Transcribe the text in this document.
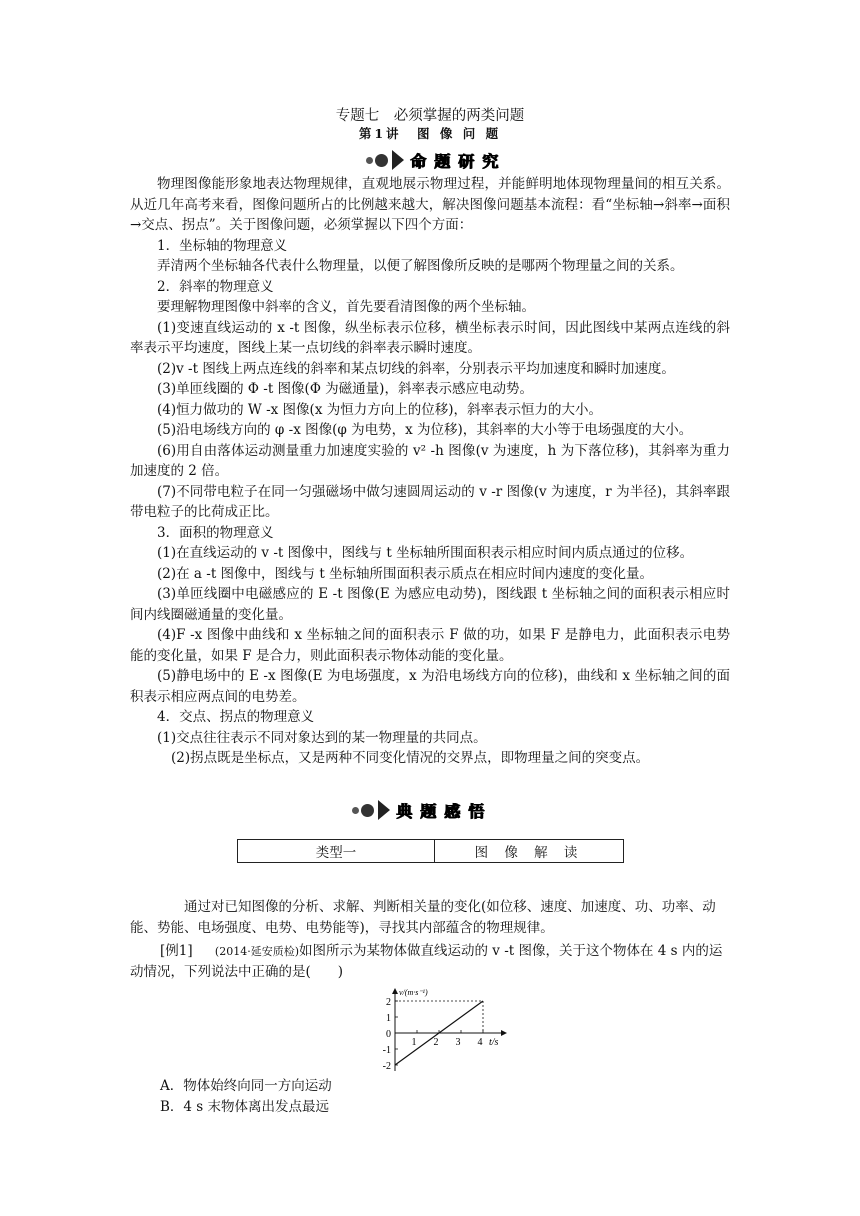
专题七　必须掌握的两类问题
第1讲　图 像 问 题
命题研究

物理图像能形象地表达物理规律，直观地展示物理过程，并能鲜明地体现物理量间的相互关系。从近几年高考来看，图像问题所占的比例越来越大，解决图像问题基本流程：看“坐标轴→斜率→面积→交点、拐点”。关于图像问题，必须掌握以下四个方面：

1．坐标轴的物理意义

弄清两个坐标轴各代表什么物理量，以便了解图像所反映的是哪两个物理量之间的关系。

2．斜率的物理意义

要理解物理图像中斜率的含义，首先要看清图像的两个坐标轴。

(1)变速直线运动的 x -t 图像，纵坐标表示位移，横坐标表示时间，因此图线中某两点连线的斜率表示平均速度，图线上某一点切线的斜率表示瞬时速度。

(2)v -t 图线上两点连线的斜率和某点切线的斜率，分别表示平均加速度和瞬时加速度。

(3)单匝线圈的 Φ -t 图像(Φ 为磁通量)，斜率表示感应电动势。

(4)恒力做功的 W -x 图像(x 为恒力方向上的位移)，斜率表示恒力的大小。

(5)沿电场线方向的 φ -x 图像(φ 为电势，x 为位移)，其斜率的大小等于电场强度的大小。

(6)用自由落体运动测量重力加速度实验的 v² -h 图像(v 为速度，h 为下落位移)，其斜率为重力加速度的 2 倍。

(7)不同带电粒子在同一匀强磁场中做匀速圆周运动的 v -r 图像(v 为速度，r 为半径)，其斜率跟带电粒子的比荷成正比。

3．面积的物理意义

(1)在直线运动的 v -t 图像中，图线与 t 坐标轴所围面积表示相应时间内质点通过的位移。

(2)在 a -t 图像中，图线与 t 坐标轴所围面积表示质点在相应时间内速度的变化量。

(3)单匝线圈中电磁感应的 E -t 图像(E 为感应电动势)，图线跟 t 坐标轴之间的面积表示相应时间内线圈磁通量的变化量。

(4)F -x 图像中曲线和 x 坐标轴之间的面积表示 F 做的功，如果 F 是静电力，此面积表示电势能的变化量，如果 F 是合力，则此面积表示物体动能的变化量。

(5)静电场中的 E -x 图像(E 为电场强度，x 为沿电场线方向的位移)，曲线和 x 坐标轴之间的面积表示相应两点间的电势差。

4．交点、拐点的物理意义

(1)交点往往表示不同对象达到的某一物理量的共同点。

(2)拐点既是坐标点，又是两种不同变化情况的交界点，即物理量之间的突变点。

典题感悟
类型一	图 像 解 读

通过对已知图像的分析、求解、判断相关量的变化(如位移、速度、加速度、功、功率、动能、势能、电场强度、电势、电势能等)，寻找其内部蕴含的物理规律。

[例1] (2014·延安质检)如图所示为某物体做直线运动的 v -t 图像，关于这个物体在 4 s 内的运动情况，下列说法中正确的是(　　)

v/(m·s⁻¹)
t/s
2
1
0
-1
-2
1 2 3 4
A．物体始终向同一方向运动
B．4 s 末物体离出发点最远
